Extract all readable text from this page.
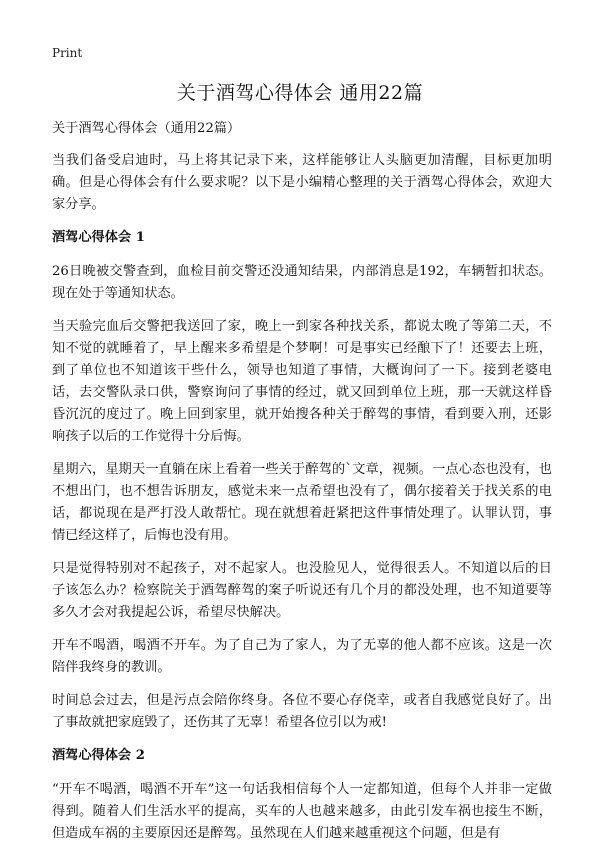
Print
关于酒驾心得体会 通用22篇

关于酒驾心得体会（通用22篇）

当我们备受启迪时，马上将其记录下来，这样能够让人头脑更加清醒，目标更加明确。但是心得体会有什么要求呢？以下是小编精心整理的关于酒驾心得体会，欢迎大家分享。

酒驾心得体会 1

26日晚被交警查到，血检目前交警还没通知结果，内部消息是192，车辆暂扣状态。现在处于等通知状态。

当天验完血后交警把我送回了家，晚上一到家各种找关系，都说太晚了等第二天，不知不觉的就睡着了，早上醒来多希望是个梦啊！可是事实已经酿下了！还要去上班，到了单位也不知道该干些什么，领导也知道了事情，大概询问了一下。接到老婆电话，去交警队录口供，警察询问了事情的经过，就又回到单位上班，那一天就这样昏昏沉沉的度过了。晚上回到家里，就开始搜各种关于醉驾的事情，看到要入刑，还影响孩子以后的工作觉得十分后悔。

星期六，星期天一直躺在床上看着一些关于醉驾的`文章，视频。一点心态也没有，也不想出门，也不想告诉朋友，感觉未来一点希望也没有了，偶尔接着关于找关系的电话，都说现在是严打没人敢帮忙。现在就想着赶紧把这件事情处理了。认罪认罚，事情已经这样了，后悔也没有用。

只是觉得特别对不起孩子，对不起家人。也没脸见人，觉得很丢人。不知道以后的日子该怎么办？检察院关于酒驾醉驾的案子听说还有几个月的都没处理，也不知道要等多久才会对我提起公诉，希望尽快解决。

开车不喝酒，喝酒不开车。为了自己为了家人，为了无辜的他人都不应该。这是一次陪伴我终身的教训。

时间总会过去，但是污点会陪你终身。各位不要心存侥幸，或者自我感觉良好了。出了事故就把家庭毁了，还伤其了无辜！希望各位引以为戒!

酒驾心得体会 2

“开车不喝酒，喝酒不开车”这一句话我相信每个人一定都知道，但每个人并非一定做得到。随着人们生活水平的提高，买车的人也越来越多，由此引发车祸也接生不断，但造成车祸的主要原因还是醉驾。虽然现在人们越来越重视这个问题，但是有
